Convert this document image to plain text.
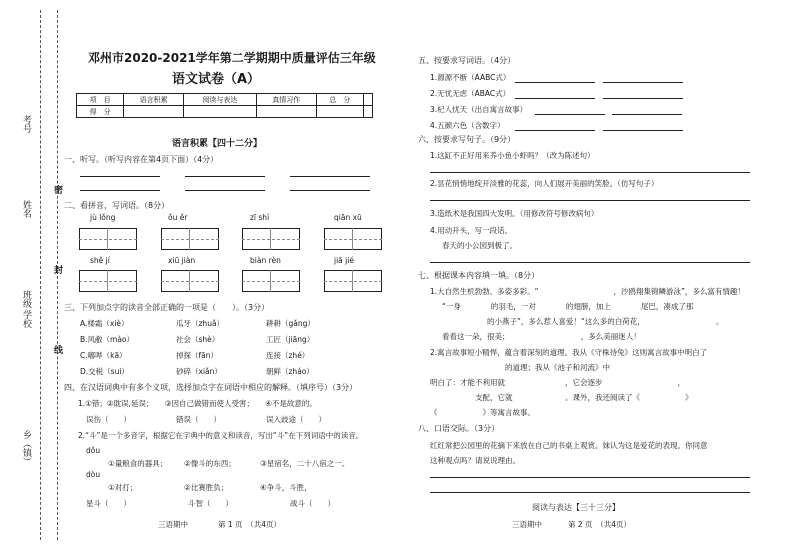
考号
姓名
学校
班级
乡（镇）
密
封
线
邓州市2020-2021学年第二学期期中质量评估三年级
语文试卷（A）
项　目	语言积累	阅读与表达	真情习作	总　分	
得　分					
语言积累【四十二分】
一、听写。（听写内容在第4页下面）（4分）
二、看拼音，写词语。（8分）
jù lǒng	ǒu ěr	zī shì	qiān xū
shě jí	xiū jiàn	biàn rèn	jiā jié
三、下列加点字的读音全部正确的一项是（　　）。（3分）
A.楼霜（xiè）	瓜牙（zhuǎ）	耕耕（gǎng）
B.风敝（mào）	社会（shè）	工匠（jiāng）
C.嘟哔（kā）	掉探（fān）	连接（zhé）
D.交税（sui）	砂碎（xiǎn）	朝鲜（zháo）
四、在汉语词典中有多个义项，选择加点字在词语中相应的解释。（填序号）（3分）
1.①错；②耽误,延误；　　③因自己做错而使人受害；　　④不是故意的。
误伤（　　）	错误（　　）	误入歧途（　　）
2.“斗”是一个多音字，根据它在字典中的意义和读音，写出“斗”在下列词语中的读音。
dǒu
①量粮食的器具； ②像斗的东西；	③星宿名，二十八宿之一。
dòu
①对打；	②比赛胜负；	④争斗，斗胜，
星斗（　　）	斗智（　　）	战斗（　　）
三语期中	第 1 页　（共4页）
五、按要求写词语。（4分）
1.源源不断（AABC式）
2.无忧无虑（ABAC式）
3.杞人忧天（出自寓言故事）
4.五颜六色（含数字）
六、按要求写句子。（9分）
1.这缸不正好用来养小鱼小虾吗？（改为陈述句）
2.昙花悄悄地绽开淡雅的花蕊，向人们展开美丽的笑脸。（仿写句子）
3.造纸术是我国四大发明。（用修改符号修改病句）
4.用动开头，写一段话。
春天的小公园到极了。
七、根据课本内容填一填。（8分）
1.大自然生机勃勃、多姿多彩。“　　　　　　　　　　，沙鸥翔集锦鳞游泳”，多么富有情趣！
“一身　　　　的羽毛，一对　　　　的翅膀，加上　　　　尾巴，凑成了那
　　　　　　的小燕子”，多么惹人喜爱！“这么多的白荷花，　　　　　　　　　　。
看看这一朵，很美；　　　　　　　　　　，多么美丽迷人！
2.寓言故事短小精悍，蕴含着深刻的道理。我从《守株待兔》这则寓言故事中明白了
　　　　　　　　　　的道理；我从《池子和河流》中
明白了：才能不利用就　　　　　　　　，它会逐步　　　　　　　　　　，
　　　　　　支配，它就　　　　　　　。课外，我还阅读了《　　　　　　》
《　　　　　　》等寓言故事。
八、口语交际。（3分）
红红常把公园里的花摘下来放在自己的书桌上观赏。妹认为这是爱花的表现。你同意
这种观点吗？请说说理由。
阅读与表达【三十三分】
三语期中	第 2 页　（共4页）
